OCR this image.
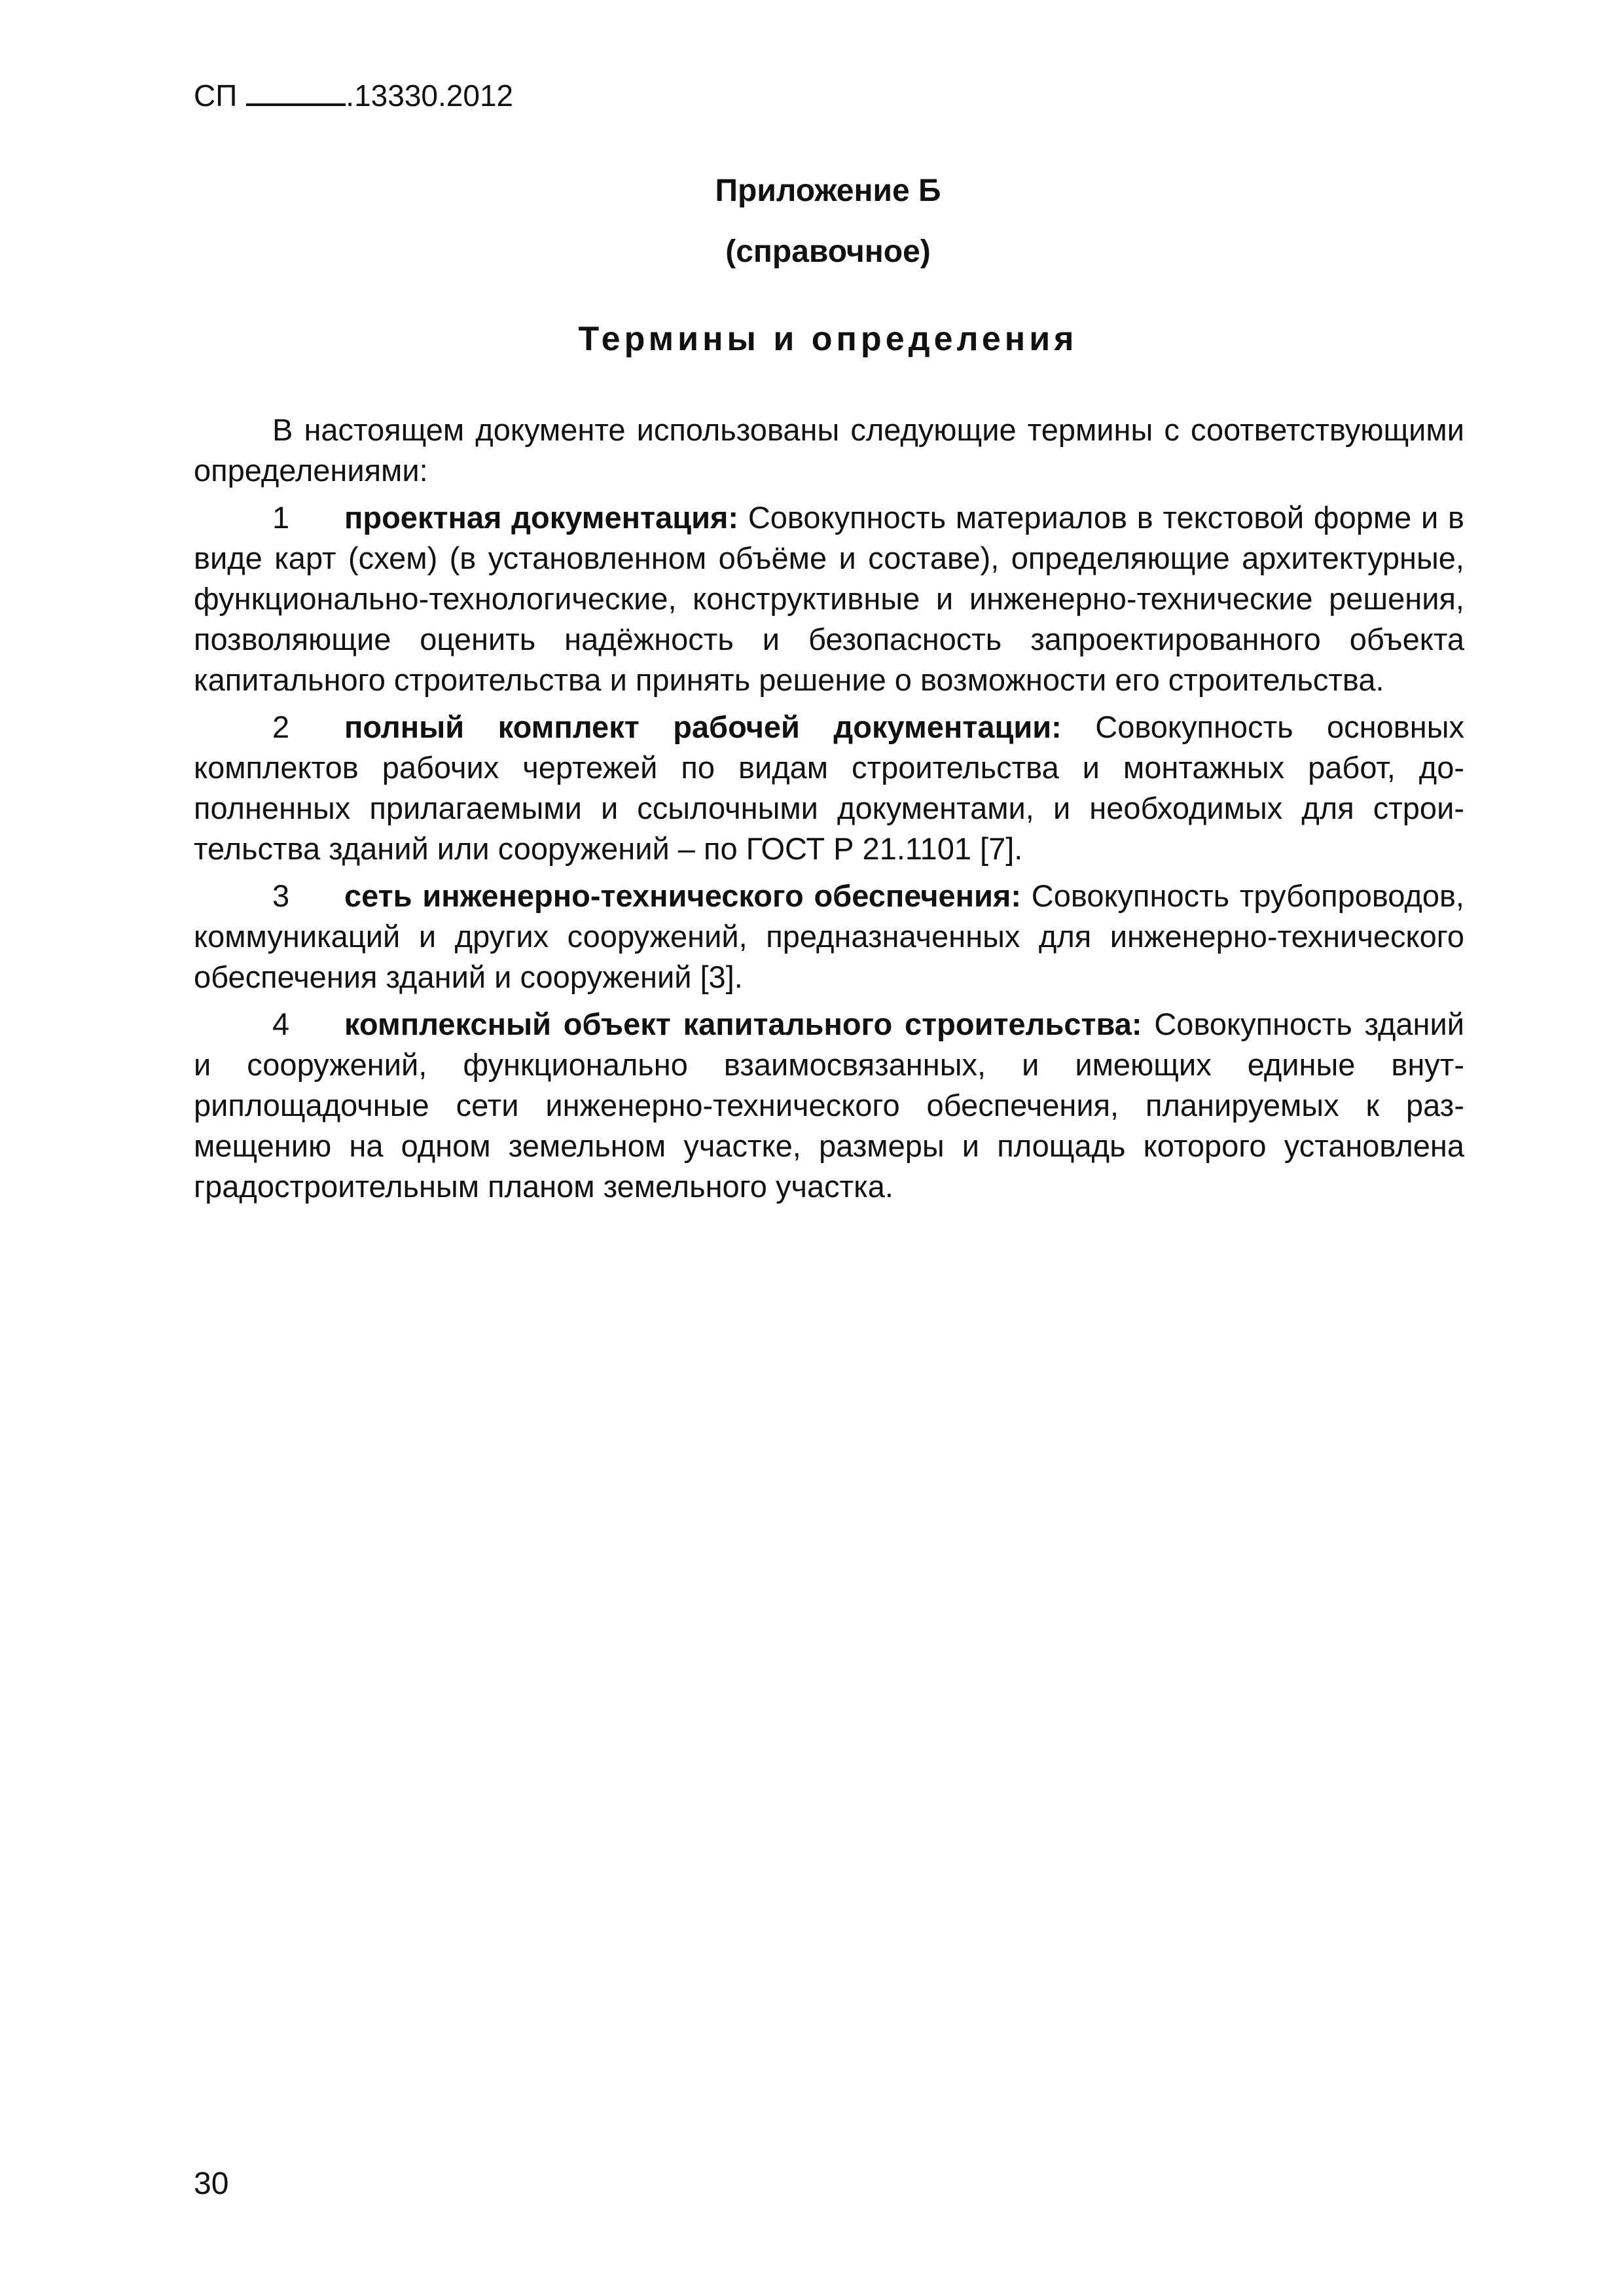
СП	.13330.2012
Приложение Б
(справочное)
Термины и определения

В настоящем документе использованы следующие термины с соответствующими определениями:

1 проектная документация: Совокупность материалов в текстовой форме и в виде карт (схем) (в установленном объёме и составе), определяющие архитектурные, функционально-технологические, конструктивные и инженерно-технические решения, позволяющие оценить надёжность и безопасность запроектированного объекта капитального строительства и принять решение о возможности его строительства.

2 полный комплект рабочей документации: Совокупность основных комплектов рабочих чертежей по видам строительства и монтажных работ, дополненных прилагаемыми и ссылочными документами, и необходимых для строительства зданий или сооружений – по ГОСТ Р 21.1101 [7].

3 сеть инженерно-технического обеспечения: Совокупность трубопроводов, коммуникаций и других сооружений, предназначенных для инженерно-технического обеспечения зданий и сооружений [3].

4 комплексный объект капитального строительства: Совокупность зданий и сооружений, функционально взаимосвязанных, и имеющих единые внутриплощадочные сети инженерно-технического обеспечения, планируемых к размещению на одном земельном участке, размеры и площадь которого установлена градостроительным планом земельного участка.

30
